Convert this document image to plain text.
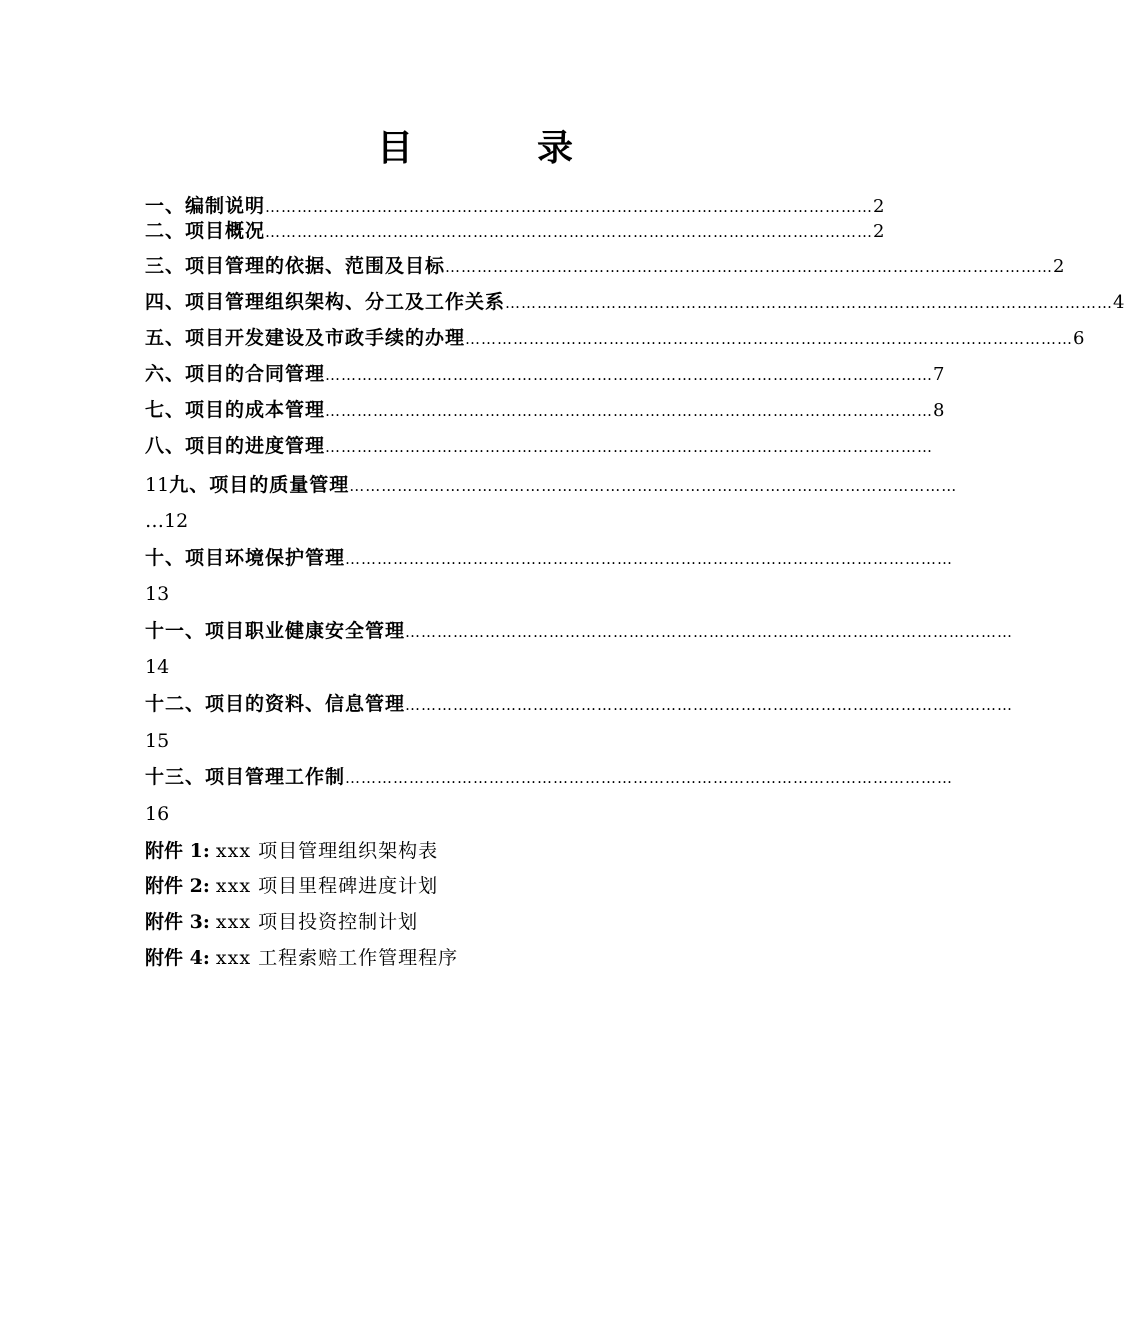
目　录
一、编制说明 …………………………………………………………………………………………………… 2
二、项目概况 …………………………………………………………………………………………………… 2
三、项目管理的依据、范围及目标 …………………………………………………………………………………………………… 2
四、项目管理组织架构、分工及工作关系 …………………………………………………………………………………………………… 4
五、项目开发建设及市政手续的办理 …………………………………………………………………………………………………… 6
六、项目的合同管理 …………………………………………………………………………………………………… 7
七、项目的成本管理 …………………………………………………………………………………………………… 8
八、项目的进度管理 ……………………………………………………………………………………………………
11 九、项目的质量管理 ……………………………………………………………………………………………………
…12
十、项目环境保护管理 ……………………………………………………………………………………………………
13
十一、项目职业健康安全管理 ……………………………………………………………………………………………………
14
十二、项目的资料、信息管理 ……………………………………………………………………………………………………
15
十三、项目管理工作制 ……………………………………………………………………………………………………
16
附件 1: xxx 项目管理组织架构表
附件 2: xxx 项目里程碑进度计划
附件 3: xxx 项目投资控制计划
附件 4: xxx 工程索赔工作管理程序
